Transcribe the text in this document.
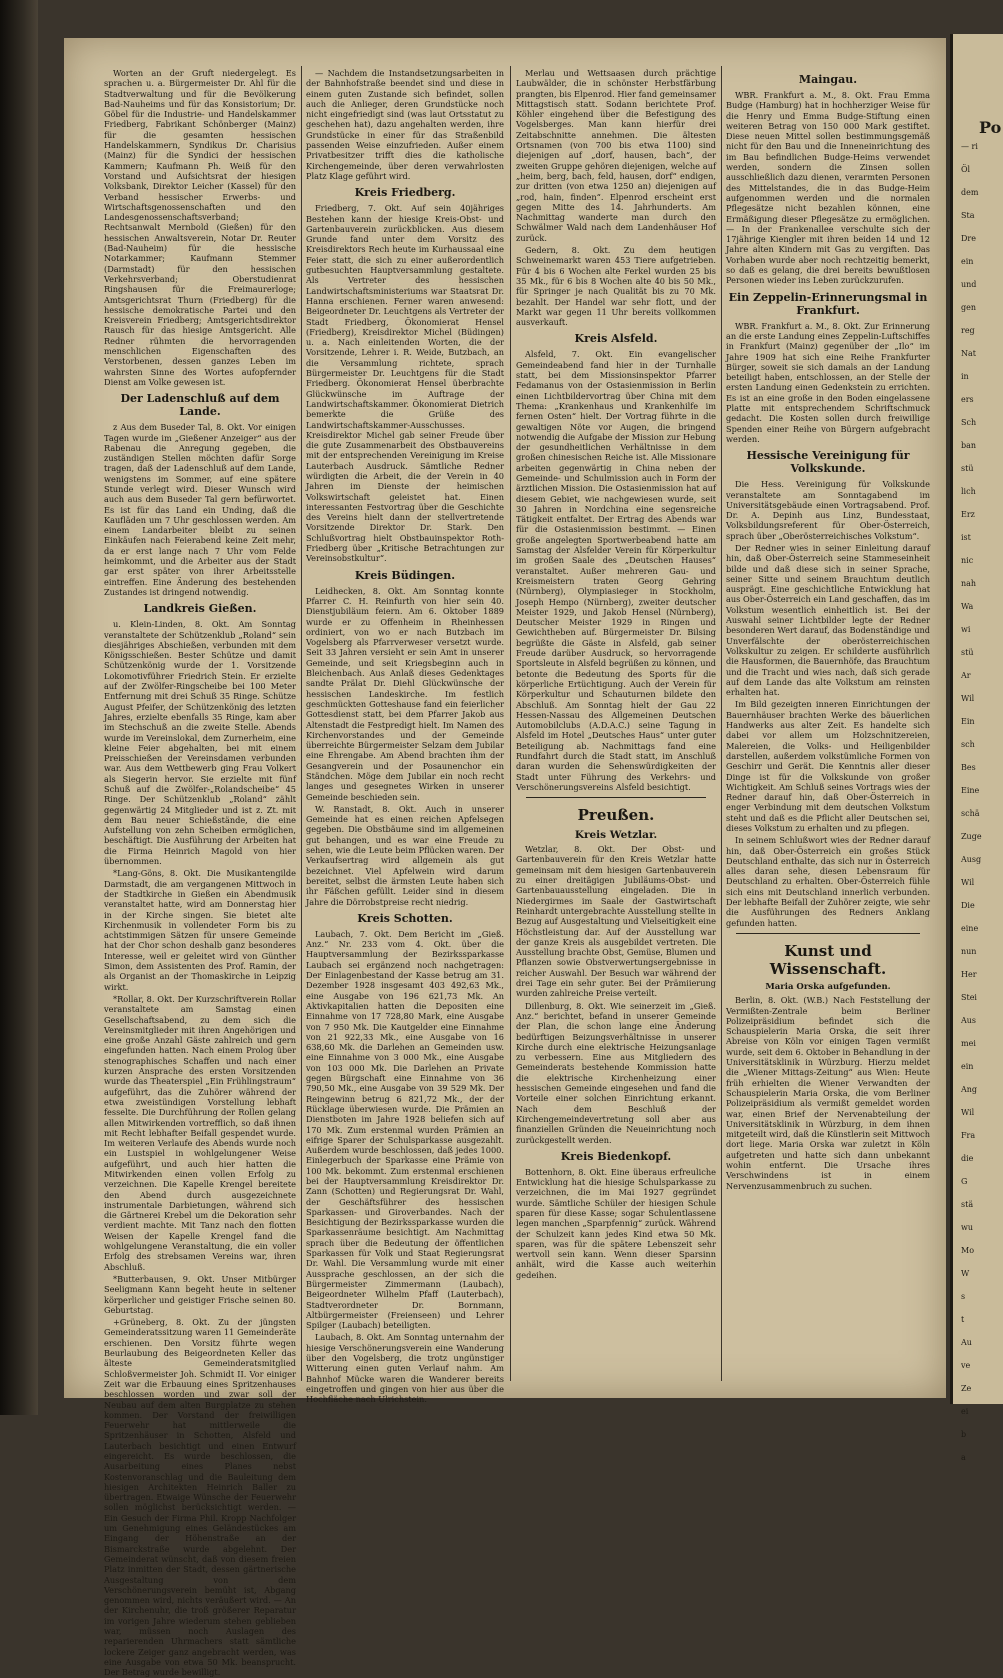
Worten an der Gruft niedergelegt. Es sprachen u. a. Bürgermeister Dr. Ahl für die Stadtverwaltung und für die Bevölkerung Bad-Nauheims und für das Konsistorium; Dr. Göbel für die Industrie- und Handelskammer Friedberg, Fabrikant Schönberger (Mainz) für die gesamten hessischen Handelskammern, Syndikus Dr. Charisius (Mainz) für die Syndici der hessischen Kammern; Kaufmann Ph. Weiß für den Vorstand und Aufsichtsrat der hiesigen Volksbank, Direktor Leicher (Kassel) für den Verband hessischer Erwerbs- und Wirtschaftsgenossenschaften und den Landesgenossenschaftsverband; Rechtsanwalt Mernbold (Gießen) für den hessischen Anwaltsverein, Notar Dr. Reuter (Bad-Nauheim) für die hessische Notarkammer; Kaufmann Stemmer (Darmstadt) für den hessischen Verkehrsverband; Oberstudienrat Ringshausen für die Freimaurerloge; Amtsgerichtsrat Thurn (Friedberg) für die hessische demokratische Partei und den Kreisverein Friedberg; Amtsgerichtsdirektor Rausch für das hiesige Amtsgericht. Alle Redner rühmten die hervorragenden menschlichen Eigenschaften des Verstorbenen, dessen ganzes Leben im wahrsten Sinne des Wortes aufopfernder Dienst am Volke gewesen ist.

Der Ladenschluß auf dem Lande.

z Aus dem Buseder Tal, 8. Okt. Vor einigen Tagen wurde im „Gießener Anzeiger“ aus der Rabenau die Anregung gegeben, die zuständigen Stellen möchten dafür Sorge tragen, daß der Ladenschluß auf dem Lande, wenigstens im Sommer, auf eine spätere Stunde verlegt wird. Dieser Wunsch wird auch aus dem Buseder Tal gern befürwortet. Es ist für das Land ein Unding, daß die Kaufläden um 7 Uhr geschlossen werden. Am einem Landarbeiter bleibt zu seinen Einkäufen nach Feierabend keine Zeit mehr, da er erst lange nach 7 Uhr vom Felde heimkommt, und die Arbeiter aus der Stadt gar erst später von ihrer Arbeitsstelle eintreffen. Eine Änderung des bestehenden Zustandes ist dringend notwendig.

Landkreis Gießen.

u. Klein-Linden, 8. Okt. Am Sonntag veranstaltete der Schützenklub „Roland“ sein diesjähriges Abschießen, verbunden mit dem Königsschießen. Bester Schütze und damit Schützenkönig wurde der 1. Vorsitzende Lokomotivführer Friedrich Stein. Er erzielte auf der Zwölfer-Ringscheibe bei 100 Meter Entfernung mit drei Schuß 35 Ringe. Schütze August Pfeifer, der Schützenkönig des letzten Jahres, erzielte ebenfalls 35 Ringe, kam aber im Stechschuß an die zweite Stelle. Abends wurde im Vereinslokal, dem Zurnerheim, eine kleine Feier abgehalten, bei mit einem Preisschießen der Vereinsdamen verbunden war. Aus dem Wettbewerb ging Frau Volkert als Siegerin hervor. Sie erzielte mit fünf Schuß auf die Zwölfer-„Rolandscheibe“ 45 Ringe. Der Schützenklub „Roland“ zählt gegenwärtig 24 Mitglieder und ist z. Zt. mit dem Bau neuer Schießstände, die eine Aufstellung von zehn Scheiben ermöglichen, beschäftigt. Die Ausführung der Arbeiten hat die Firma Heinrich Magold von hier übernommen.

*Lang-Göns, 8. Okt. Die Musikantengilde Darmstadt, die am vergangenen Mittwoch in der Stadtkirche in Gießen ein Abendmusik veranstaltet hatte, wird am Donnerstag hier in der Kirche singen. Sie bietet alte Kirchenmusik in vollendeter Form bis zu achtstimmigen Sätzen für unsere Gemeinde hat der Chor schon deshalb ganz besonderes Interesse, weil er geleitet wird von Günther Simon, dem Assistenten des Prof. Ramin, der als Organist an der Thomaskirche in Leipzig wirkt.

*Rollar, 8. Okt. Der Kurzschriftverein Rollar veranstaltete am Samstag einen Gesellschaftsabend, zu dem sich die Vereinsmitglieder mit ihren Angehörigen und eine große Anzahl Gäste zahlreich und gern eingefunden hatten. Nach einem Prolog über stenographisches Schaffen und nach einer kurzen Ansprache des ersten Vorsitzenden wurde das Theaterspiel „Ein Frühlingstraum“ aufgeführt, das die Zuhörer während der etwa zweistündigen Vorstellung lebhaft fesselte. Die Durchführung der Rollen gelang allen Mitwirkenden vortrefflich, so daß ihnen mit Recht lebhafter Beifall gespendet wurde. Im weiteren Verlaufe des Abends wurde noch ein Lustspiel in wohlgelungener Weise aufgeführt, und auch hier hatten die Mitwirkenden einen vollen Erfolg zu verzeichnen. Die Kapelle Krengel bereitete den Abend durch ausgezeichnete instrumentale Darbietungen, während sich die Gärtnerei Krebel um die Dekoration sehr verdient machte. Mit Tanz nach den flotten Weisen der Kapelle Krengel fand die wohlgelungene Veranstaltung, die ein voller Erfolg des strebsamen Vereins war, ihren Abschluß.

*Butterbausen, 9. Okt. Unser Mitbürger Seeligmann Kann begeht heute in seltener körperlicher und geistiger Frische seinen 80. Geburtstag.

+Grüneberg, 8. Okt. Zu der jüngsten Gemeinderatssitzung waren 11 Gemeinderäte erschienen. Den Vorsitz führte wegen Beurlaubung des Beigeordneten Keller das älteste Gemeinderatsmitglied Schloßvermeister Joh. Schmidt II. Vor einiger Zeit war die Erbauung eines Spritzenhauses beschlossen worden und zwar soll der Neubau auf dem alten Burgplatze zu stehen kommen. Der Vorstand der freiwilligen Feuerwehr hat mittlerweile die Spritzenhäuser in Schotten, Alsfeld und Lauterbach besichtigt und einen Entwurf eingereicht. Es wurde beschlossen, die Ausarbeitung eines Planes nebst Kostenvoranschlag und die Bauleitung dem hiesigen Architekten Heinrich Baller zu übertragen. Etwaige Wünsche der Feuerwehr sollen möglichst berücksichtigt werden. — Ein Gesuch der Firma Phil. Kropp Nachfolger um Genehmigung eines Geländestückes am Eingang der Höhenstraße an der Bismarckstraße wurde abgelehnt. Der Gemeinderat wünscht, daß von diesem freien Platz inmitten der Stadt, dessen gärtnerische Ausgestaltung von dem Verschönerungsverein bemüht ist, Abgang genommen wird, nichts veräußert wird. — An der Kirchenuhr, die troß größerer Reparatur im vorigen Jahre wiederum stehen geblieben war, müssen noch Auslagen des reparierenden Uhrmachers statt sämtliche lockere Zeiger ganz angebracht werden, was eine Ausgabe von etwa 50 Mk. beansprucht. Der Betrag wurde bewilligt.

— Nachdem die Instandsetzungsarbeiten in der Bahnhofstraße beendet sind und diese in einem guten Zustande sich befindet, sollen auch die Anlieger, deren Grundstücke noch nicht eingefriedigt sind (was laut Ortsstatut zu geschehen hat), dazu angehalten werden, ihre Grundstücke in einer für das Straßenbild passenden Weise einzufrieden. Außer einem Privatbesitzer trifft dies die katholische Kirchengemeinde, über deren verwahrlosten Platz Klage geführt wird.

Kreis Friedberg.

Friedberg, 7. Okt. Auf sein 40jähriges Bestehen kann der hiesige Kreis-Obst- und Gartenbauverein zurückblicken. Aus diesem Grunde fand unter dem Vorsitz des Kreisdirektors Rech heute im Kurhaussaal eine Feier statt, die sich zu einer außerordentlich gutbesuchten Hauptversammlung gestaltete. Als Vertreter des hessischen Landwirtschaftsministeriums war Staatsrat Dr. Hanna erschienen. Ferner waren anwesend: Beigeordneter Dr. Leuchtgens als Vertreter der Stadt Friedberg, Ökonomierat Hensel (Friedberg), Kreisdirektor Michel (Büdingen) u. a. Nach einleitenden Worten, die der Vorsitzende, Lehrer i. R. Weide, Butzbach, an die Versammlung richtete, sprach Bürgermeister Dr. Leuchtgens für die Stadt Friedberg. Ökonomierat Hensel überbrachte Glückwünsche im Auftrage der Landwirtschaftskammer. Ökonomierat Dietrich bemerkte die Grüße des Landwirtschaftskammer-Ausschusses. Kreisdirektor Michel gab seiner Freude über die gute Zusammenarbeit des Obstbauvereins mit der entsprechenden Vereinigung im Kreise Lauterbach Ausdruck. Sämtliche Redner würdigten die Arbeit, die der Verein in 40 Jahren im Dienste der heimischen Volkswirtschaft geleistet hat. Einen interessanten Festvortrag über die Geschichte des Vereins hielt dann der stellvertretende Vorsitzende Direktor Dr. Stark. Den Schlußvortrag hielt Obstbauinspektor Roth-Friedberg über „Kritische Betrachtungen zur Vereinsobstkultur“.

Kreis Büdingen.

Leidhecken, 8. Okt. Am Sonntag konnte Pfarrer C. H. Reinfurth von hier sein 40. Dienstjubiläum feiern. Am 6. Oktober 1889 wurde er zu Offenheim in Rheinhessen ordiniert, von wo er nach Butzbach im Vogelsberg als Pfarrverweser versetzt wurde. Seit 33 Jahren versieht er sein Amt in unserer Gemeinde, und seit Kriegsbeginn auch in Bleichenbach. Aus Anlaß dieses Gedenktages sandte Prälat Dr. Diehl Glückwünsche der hessischen Landeskirche. Im festlich geschmückten Gotteshause fand ein feierlicher Gottesdienst statt, bei dem Pfarrer Jakob aus Altenstadt die Festpredigt hielt. Im Namen des Kirchenvorstandes und der Gemeinde überreichte Bürgermeister Selzam dem Jubilar eine Ehrengabe. Am Abend brachten ihm der Gesangverein und der Posaunenchor ein Ständchen. Möge dem Jubilar ein noch recht langes und gesegnetes Wirken in unserer Gemeinde beschieden sein.

W. Ranstadt, 8. Okt. Auch in unserer Gemeinde hat es einen reichen Apfelsegen gegeben. Die Obstbäume sind im allgemeinen gut behangen, und es war eine Freude zu sehen, wie die Leute beim Pflücken waren. Der Verkaufsertrag wird allgemein als gut bezeichnet. Viel Apfelwein wird darum bereitet, selbst die ärmsten Leute haben sich ihr Fäßchen gefüllt. Leider sind in diesem Jahre die Dörrobstpreise recht niedrig.

Kreis Schotten.

Laubach, 7. Okt. Dem Bericht im „Gieß. Anz.“ Nr. 233 vom 4. Okt. über die Hauptversammlung der Bezirkssparkasse Laubach sei ergänzend noch nachgetragen: Der Einlagenbestand der Kasse betrug am 31. Dezember 1928 insgesamt 403 492,63 Mk., eine Ausgabe von 196 621,73 Mk. An Aktivkapitalien hatten die Depositen eine Einnahme von 17 728,80 Mark, eine Ausgabe von 7 950 Mk. Die Kautgelder eine Einnahme von 21 922,33 Mk., eine Ausgabe von 16 638,60 Mk. die Darlehen an Gemeinden usw. eine Einnahme von 3 000 Mk., eine Ausgabe von 103 000 Mk. Die Darlehen an Private gegen Bürgschaft eine Einnahme von 36 790,50 Mk., eine Ausgabe von 39 529 Mk. Der Reingewinn betrug 6 821,72 Mk., der der Rücklage überwiesen wurde. Die Prämien an Dienstboten im Jahre 1928 beliefen sich auf 170 Mk. Zum erstenmal wurden Prämien an eifrige Sparer der Schulsparkasse ausgezahlt. Außerdem wurde beschlossen, daß jedes 1000. Einlegerbuch der Sparkasse eine Prämie von 100 Mk. bekommt. Zum erstenmal erschienen bei der Hauptversammlung Kreisdirektor Dr. Zann (Schotten) und Regierungsrat Dr. Wahl, der Geschäftsführer des hessischen Sparkassen- und Giroverbandes. Nach der Besichtigung der Bezirkssparkasse wurden die Sparkassenräume besichtigt. Am Nachmittag sprach über die Bedeutung der öffentlichen Sparkassen für Volk und Staat Regierungsrat Dr. Wahl. Die Versammlung wurde mit einer Aussprache geschlossen, an der sich die Bürgermeister Zimmermann (Laubach), Beigeordneter Wilhelm Pfaff (Lauterbach), Stadtverordneter Dr. Bornmann, Altbürgermeister (Freienseen) und Lehrer Spilger (Laubach) beteiligten.

Laubach, 8. Okt. Am Sonntag unternahm der hiesige Verschönerungsverein eine Wanderung über den Vogelsberg, die trotz ungünstiger Witterung einen guten Verlauf nahm. Am Bahnhof Mücke waren die Wanderer bereits eingetroffen und gingen von hier aus über die Hochfläche nach Ulrichstein.

Merlau und Wettsaasen durch prächtige Laubwälder, die in schönster Herbstfärbung prangten, bis Elpenrod. Hier fand gemeinsamer Mittagstisch statt. Sodann berichtete Prof. Köhler eingehend über die Befestigung des Vogelsberges. Man kann hierfür drei Zeitabschnitte annehmen. Die ältesten Ortsnamen (von 700 bis etwa 1100) sind diejenigen auf „dorf, hausen, bach“, der zweiten Gruppe gehören diejenigen, welche auf „heim, berg, bach, feld, hausen, dorf“ endigen, zur dritten (von etwa 1250 an) diejenigen auf „rod, hain, finden“. Elpenrod erscheint erst gegen Mitte des 14. Jahrhunderts. Am Nachmittag wanderte man durch den Schwälmer Wald nach dem Landenhäuser Hof zurück.

Gedern, 8. Okt. Zu dem heutigen Schweinemarkt waren 453 Tiere aufgetrieben. Für 4 bis 6 Wochen alte Ferkel wurden 25 bis 35 Mk., für 6 bis 8 Wochen alte 40 bis 50 Mk., für Springer je nach Qualität bis zu 70 Mk. bezahlt. Der Handel war sehr flott, und der Markt war gegen 11 Uhr bereits vollkommen ausverkauft.

Kreis Alsfeld.

Alsfeld, 7. Okt. Ein evangelischer Gemeindeabend fand hier in der Turnhalle statt, bei dem Missionsinspektor Pfarrer Fedamanus von der Ostasienmission in Berlin einen Lichtbildervortrag über China mit dem Thema: „Krankenhaus und Krankenhilfe im fernen Osten“ hielt. Der Vortrag führte in die gewaltigen Nöte vor Augen, die bringend notwendig die Aufgabe der Mission zur Hebung der gesundheitlichen Verhältnisse in dem großen chinesischen Reiche ist. Alle Missionare arbeiten gegenwärtig in China neben der Gemeinde- und Schulmission auch in Form der ärztlichen Mission. Die Ostasienmission hat auf diesem Gebiet, wie nachgewiesen wurde, seit 30 Jahren in Nordchina eine segensreiche Tätigkeit entfaltet. Der Ertrag des Abends war für die Ostasienmission bestimmt. — Einen große angelegten Sportwerbeabend hatte am Samstag der Alsfelder Verein für Körperkultur im großen Saale des „Deutschen Hauses“ veranstaltet. Außer mehreren Gau- und Kreismeistern traten Georg Gehring (Nürnberg), Olympiasieger in Stockholm, Joseph Hempo (Nürnberg), zweiter deutscher Meister 1929, und Jakob Hensel (Nürnberg), Deutscher Meister 1929 in Ringen und Gewichtheben auf. Bürgermeister Dr. Bilsing begrüßte die Gäste in Alsfeld, gab seiner Freude darüber Ausdruck, so hervorragende Sportsleute in Alsfeld begrüßen zu können, und betonte die Bedeutung des Sports für die körperliche Ertüchtigung. Auch der Verein für Körperkultur und Schauturnen bildete den Abschluß. Am Sonntag hielt der Gau 22 Hessen-Nassau des Allgemeinen Deutschen Automobilclubs (A.D.A.C.) seine Tagung in Alsfeld im Hotel „Deutsches Haus“ unter guter Beteiligung ab. Nachmittags fand eine Rundfahrt durch die Stadt statt, im Anschluß daran wurden die Sehenswürdigkeiten der Stadt unter Führung des Verkehrs- und Verschönerungsvereins Alsfeld besichtigt.

Preußen.
Kreis Wetzlar.

Wetzlar, 8. Okt. Der Obst- und Gartenbauverein für den Kreis Wetzlar hatte gemeinsam mit dem hiesigen Gartenbauverein zu einer dreitägigen Jubiläums-Obst- und Gartenbauausstellung eingeladen. Die in Niedergirmes im Saale der Gastwirtschaft Reinhardt untergebrachte Ausstellung stellte in Bezug auf Ausgestaltung und Vielseitigkeit eine Höchstleistung dar. Auf der Ausstellung war der ganze Kreis als ausgebildet vertreten. Die Ausstellung brachte Obst, Gemüse, Blumen und Pflanzen sowie Obstverwertungsergebnisse in reicher Auswahl. Der Besuch war während der drei Tage ein sehr guter. Bei der Prämiierung wurden zahlreiche Preise verteilt.

Dillenburg, 8. Okt. Wie seinerzeit im „Gieß. Anz.“ berichtet, befand in unserer Gemeinde der Plan, die schon lange eine Änderung bedürftigen Beizungsverhältnisse in unserer Kirche durch eine elektrische Heizungsanlage zu verbessern. Eine aus Mitgliedern des Gemeinderats bestehende Kommission hatte die elektrische Kirchenheizung einer hessischen Gemeinde eingesehen und fand die Vorteile einer solchen Einrichtung erkannt. Nach dem Beschluß der Kirchengemeindevertretung soll aber aus finanziellen Gründen die Neueinrichtung noch zurückgestellt werden.

Kreis Biedenkopf.

Bottenhorn, 8. Okt. Eine überaus erfreuliche Entwicklung hat die hiesige Schulsparkasse zu verzeichnen, die im Mai 1927 gegründet wurde. Sämtliche Schüler der hiesigen Schule sparen für diese Kasse; sogar Schulentlassene legen manchen „Sparpfennig“ zurück. Während der Schulzeit kann jedes Kind etwa 50 Mk. sparen, was für die spätere Lebenszeit sehr wertvoll sein kann. Wenn dieser Sparsinn anhält, wird die Kasse auch weiterhin gedeihen.

Maingau.

WBR. Frankfurt a. M., 8. Okt. Frau Emma Budge (Hamburg) hat in hochherziger Weise für die Henry und Emma Budge-Stiftung einen weiteren Betrag von 150 000 Mark gestiftet. Diese neuen Mittel sollen bestimmungsgemäß nicht für den Bau und die Inneneinrichtung des im Bau befindlichen Budge-Heims verwendet werden, sondern die Zinsen sollen ausschließlich dazu dienen, verarmten Personen des Mittelstandes, die in das Budge-Heim aufgenommen werden und die normalen Pflegesätze nicht bezahlen können, eine Ermäßigung dieser Pflegesätze zu ermöglichen. — In der Frankenallee verschulte sich der 17jährige Kiengler mit ihren beiden 14 und 12 Jahre alten Kindern mit Gas zu vergiften. Das Vorhaben wurde aber noch rechtzeitig bemerkt, so daß es gelang, die drei bereits bewußtlosen Personen wieder ins Leben zurückzurufen.

Ein Zeppelin-Erinnerungsmal in Frankfurt.

WBR. Frankfurt a. M., 8. Okt. Zur Erinnerung an die erste Landung eines Zeppelin-Luftschiffes in Frankfurt (Mainz) gegenüber der „Ilo“ im Jahre 1909 hat sich eine Reihe Frankfurter Bürger, soweit sie sich damals an der Landung beteiligt haben, entschlossen, an der Stelle der ersten Landung einen Gedenkstein zu errichten. Es ist an eine große in den Boden eingelassene Platte mit entsprechendem Schriftschmuck gedacht. Die Kosten sollen durch freiwillige Spenden einer Reihe von Bürgern aufgebracht werden.

Hessische Vereinigung für Volkskunde.

Die Hess. Vereinigung für Volkskunde veranstaltete am Sonntagabend im Universitätsgebäude einen Vortragsabend. Prof. Dr. A. Depinh aus Linz, Bundesstaat, Volksbildungsreferent für Ober-Österreich, sprach über „Oberösterreichisches Volkstum“.

Der Redner wies in seiner Einleitung darauf hin, daß Ober-Österreich seine Stammeseinheit bilde und daß diese sich in seiner Sprache, seiner Sitte und seinem Brauchtum deutlich ausprägt. Eine geschichtliche Entwicklung hat aus Ober-Österreich ein Land geschaffen, das im Volkstum wesentlich einheitlich ist. Bei der Auswahl seiner Lichtbilder legte der Redner besonderen Wert darauf, das Bodenständige und Unverfälschte der oberösterreichischen Volkskultur zu zeigen. Er schilderte ausführlich die Hausformen, die Bauernhöfe, das Brauchtum und die Tracht und wies nach, daß sich gerade auf dem Lande das alte Volkstum am reinsten erhalten hat.

Im Bild gezeigten inneren Einrichtungen der Bauernhäuser brachten Werke des bäuerlichen Handwerks aus alter Zeit. Es handelte sich dabei vor allem um Holzschnitzereien, Malereien, die Volks- und Heiligenbilder darstellen, außerdem volkstümliche Formen von Geschirr und Gerät. Die Kenntnis aller dieser Dinge ist für die Volkskunde von großer Wichtigkeit. Am Schluß seines Vortrags wies der Redner darauf hin, daß Ober-Österreich in enger Verbindung mit dem deutschen Volkstum steht und daß es die Pflicht aller Deutschen sei, dieses Volkstum zu erhalten und zu pflegen.

In seinem Schlußwort wies der Redner darauf hin, daß Ober-Österreich ein großes Stück Deutschland enthalte, das sich nur in Österreich alles daran sehe, diesen Lebensraum für Deutschland zu erhalten. Ober-Österreich fühle sich eins mit Deutschland innerlich verbunden. Der lebhafte Beifall der Zuhörer zeigte, wie sehr die Ausführungen des Redners Anklang gefunden hatten.

Kunst und Wissenschaft.
Maria Orska aufgefunden.

Berlin, 8. Okt. (W.B.) Nach Feststellung der Vermißten-Zentrale beim Berliner Polizeipräsidium befindet sich die Schauspielerin Maria Orska, die seit ihrer Abreise von Köln vor einigen Tagen vermißt wurde, seit dem 6. Oktober in Behandlung in der Universitätsklinik in Würzburg. Hierzu meldet die „Wiener Mittags-Zeitung“ aus Wien: Heute früh erhielten die Wiener Verwandten der Schauspielerin Maria Orska, die vom Berliner Polizeipräsidium als vermißt gemeldet worden war, einen Brief der Nervenabteilung der Universitätsklinik in Würzburg, in dem ihnen mitgeteilt wird, daß die Künstlerin seit Mittwoch dort liege. Maria Orska war zuletzt in Köln aufgetreten und hatte sich dann unbekannt wohin entfernt. Die Ursache ihres Verschwindens ist in einem Nervenzusammenbruch zu suchen.

Po
— ri
Öl
dem
Sta
Dre
ein
und
gen
reg
Nat
in
ers
Sch
ban
stü
lich
Erz
ist
nic
nah
Wa
wi
stü
Ar
Wil
Ein
sch
Bes
Eine
schä
Zuge
Ausg
Wil
Die
eine
nun
Her
Stei
Aus
mei
ein
Ang
Wil
Fra
die
G
stä
wu
Mo
W
s
t
Au
ve
Ze
ei
b
a
